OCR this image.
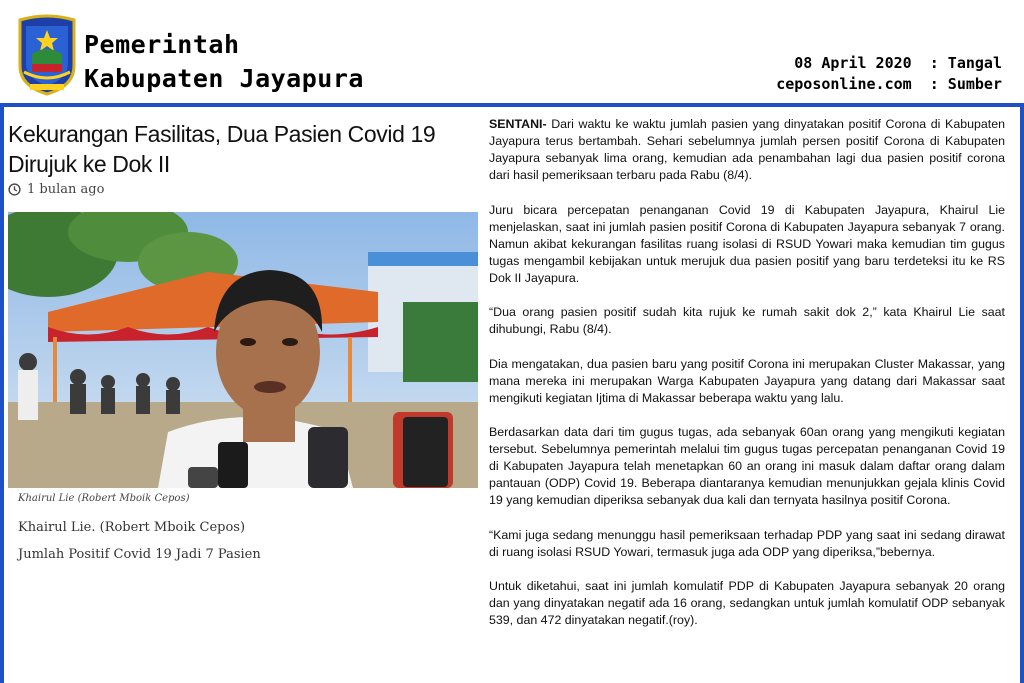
Pemerintah
Kabupaten Jayapura
08 April 2020  : Tangal
ceposonline.com  : Sumber
Kekurangan Fasilitas, Dua Pasien Covid 19 Dirujuk ke Dok II
1 bulan ago
Khairul Lie (Robert Mboik Cepos)
Khairul Lie. (Robert Mboik Cepos)
Jumlah Positif Covid 19 Jadi 7 Pasien

SENTANI- Dari waktu ke waktu jumlah pasien yang dinyatakan positif Corona di Kabupaten Jayapura terus bertambah. Sehari sebelumnya jumlah persen positif Corona di Kabupaten Jayapura sebanyak lima orang, kemudian ada penambahan lagi dua pasien positif corona dari hasil pemeriksaan terbaru pada Rabu (8/4).

Juru bicara percepatan penanganan Covid 19 di Kabupaten Jayapura, Khairul Lie menjelaskan, saat ini jumlah pasien positif Corona di Kabupaten Jayapura sebanyak 7 orang. Namun akibat kekurangan fasilitas ruang isolasi di RSUD Yowari maka kemudian tim gugus tugas mengambil kebijakan untuk merujuk dua pasien positif yang baru terdeteksi itu ke RS Dok II Jayapura.

“Dua orang pasien positif sudah kita rujuk ke rumah sakit dok 2,” kata Khairul Lie saat dihubungi, Rabu (8/4).

Dia mengatakan, dua pasien baru yang positif Corona ini merupakan Cluster Makassar, yang mana mereka ini merupakan Warga Kabupaten Jayapura yang datang dari Makassar saat mengikuti kegiatan Ijtima di Makassar beberapa waktu yang lalu.

Berdasarkan data dari tim gugus tugas, ada sebanyak 60an orang yang mengikuti kegiatan tersebut. Sebelumnya pemerintah melalui tim gugus tugas percepatan penanganan Covid 19 di Kabupaten Jayapura telah menetapkan 60 an orang ini masuk dalam daftar orang dalam pantauan (ODP) Covid 19. Beberapa diantaranya kemudian menunjukkan gejala klinis Covid 19 yang kemudian diperiksa sebanyak dua kali dan ternyata hasilnya positif Corona.

“Kami juga sedang menunggu hasil pemeriksaan terhadap PDP yang saat ini sedang dirawat di ruang isolasi RSUD Yowari, termasuk juga ada ODP yang diperiksa,”bebernya.

Untuk diketahui, saat ini jumlah komulatif PDP di Kabupaten Jayapura sebanyak 20 orang dan yang dinyatakan negatif ada 16 orang, sedangkan untuk jumlah komulatif ODP sebanyak 539, dan 472 dinyatakan negatif.(roy).
